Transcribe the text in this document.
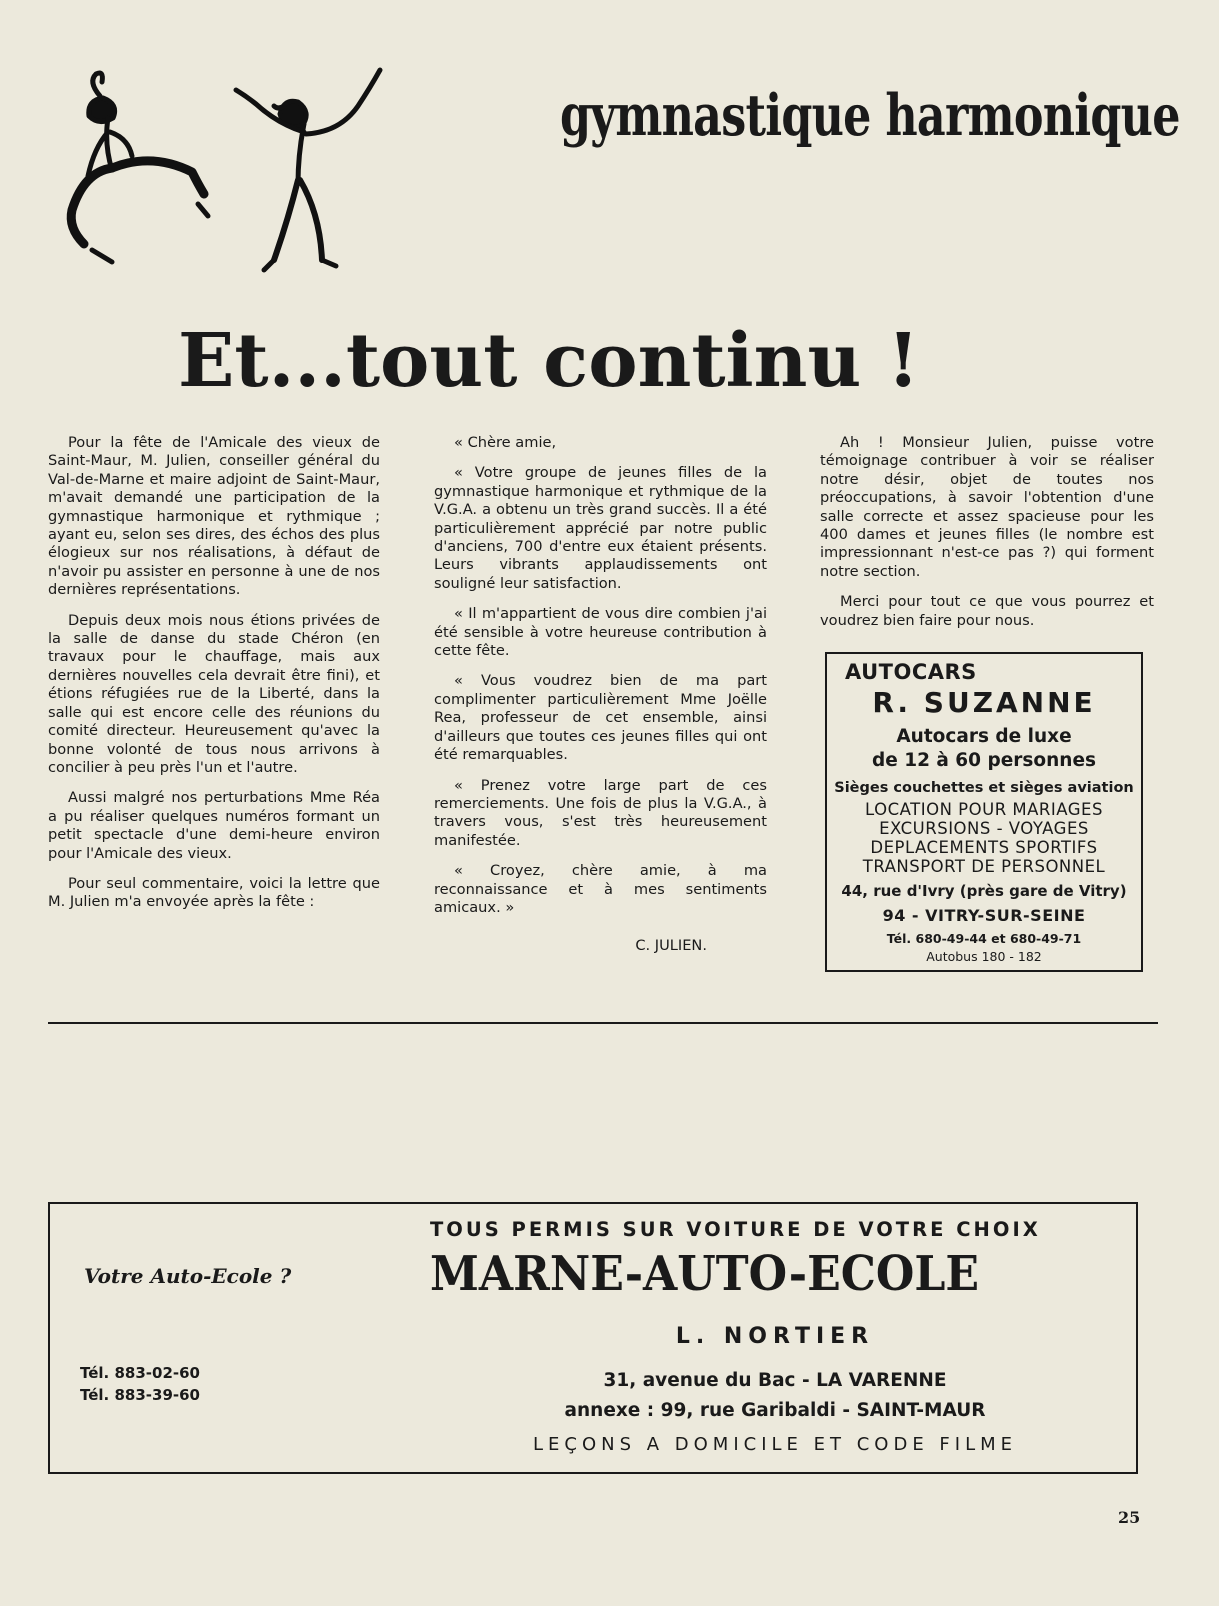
gymnastique harmonique
Et...tout continu !

Pour la fête de l'Amicale des vieux de Saint-Maur, M. Julien, conseiller général du Val-de-Marne et maire adjoint de Saint-Maur, m'avait demandé une participation de la gymnastique harmonique et rythmique ; ayant eu, selon ses dires, des échos des plus élogieux sur nos réalisations, à défaut de n'avoir pu assister en personne à une de nos dernières représentations.

Depuis deux mois nous étions privées de la salle de danse du stade Chéron (en travaux pour le chauffage, mais aux dernières nouvelles cela devrait être fini), et étions réfugiées rue de la Liberté, dans la salle qui est encore celle des réunions du comité directeur. Heureusement qu'avec la bonne volonté de tous nous arrivons à concilier à peu près l'un et l'autre.

Aussi malgré nos perturbations Mme Réa a pu réaliser quelques numéros formant un petit spectacle d'une demi-heure environ pour l'Amicale des vieux.

Pour seul commentaire, voici la lettre que M. Julien m'a envoyée après la fête :

« Chère amie,

« Votre groupe de jeunes filles de la gymnastique harmonique et rythmique de la V.G.A. a obtenu un très grand succès. Il a été particulièrement apprécié par notre public d'anciens, 700 d'entre eux étaient présents. Leurs vibrants applaudissements ont souligné leur satisfaction.

« Il m'appartient de vous dire combien j'ai été sensible à votre heureuse contribution à cette fête.

« Vous voudrez bien de ma part complimenter particulièrement Mme Joëlle Rea, professeur de cet ensemble, ainsi d'ailleurs que toutes ces jeunes filles qui ont été remarquables.

« Prenez votre large part de ces remerciements. Une fois de plus la V.G.A., à travers vous, s'est très heureusement manifestée.

« Croyez, chère amie, à ma reconnaissance et à mes sentiments amicaux. »

C. JULIEN.

Ah ! Monsieur Julien, puisse votre témoignage contribuer à voir se réaliser notre désir, objet de toutes nos préoccupations, à savoir l'obtention d'une salle correcte et assez spacieuse pour les 400 dames et jeunes filles (le nombre est impressionnant n'est-ce pas ?) qui forment notre section.

Merci pour tout ce que vous pourrez et voudrez bien faire pour nous.

AUTOCARS
R. SUZANNE
Autocars de luxe
de 12 à 60 personnes
Sièges couchettes et sièges aviation
LOCATION POUR MARIAGES
EXCURSIONS - VOYAGES
DEPLACEMENTS SPORTIFS
TRANSPORT DE PERSONNEL
44, rue d'Ivry (près gare de Vitry)
94 - VITRY-SUR-SEINE
Tél. 680-49-44 et 680-49-71
Autobus 180 - 182
Votre Auto-Ecole ?
Tél. 883-02-60
Tél. 883-39-60
TOUS PERMIS SUR VOITURE DE VOTRE CHOIX
MARNE-AUTO-ECOLE
L. NORTIER
31, avenue du Bac - LA VARENNE
annexe : 99, rue Garibaldi - SAINT-MAUR
LEÇONS A DOMICILE ET CODE FILME
25
